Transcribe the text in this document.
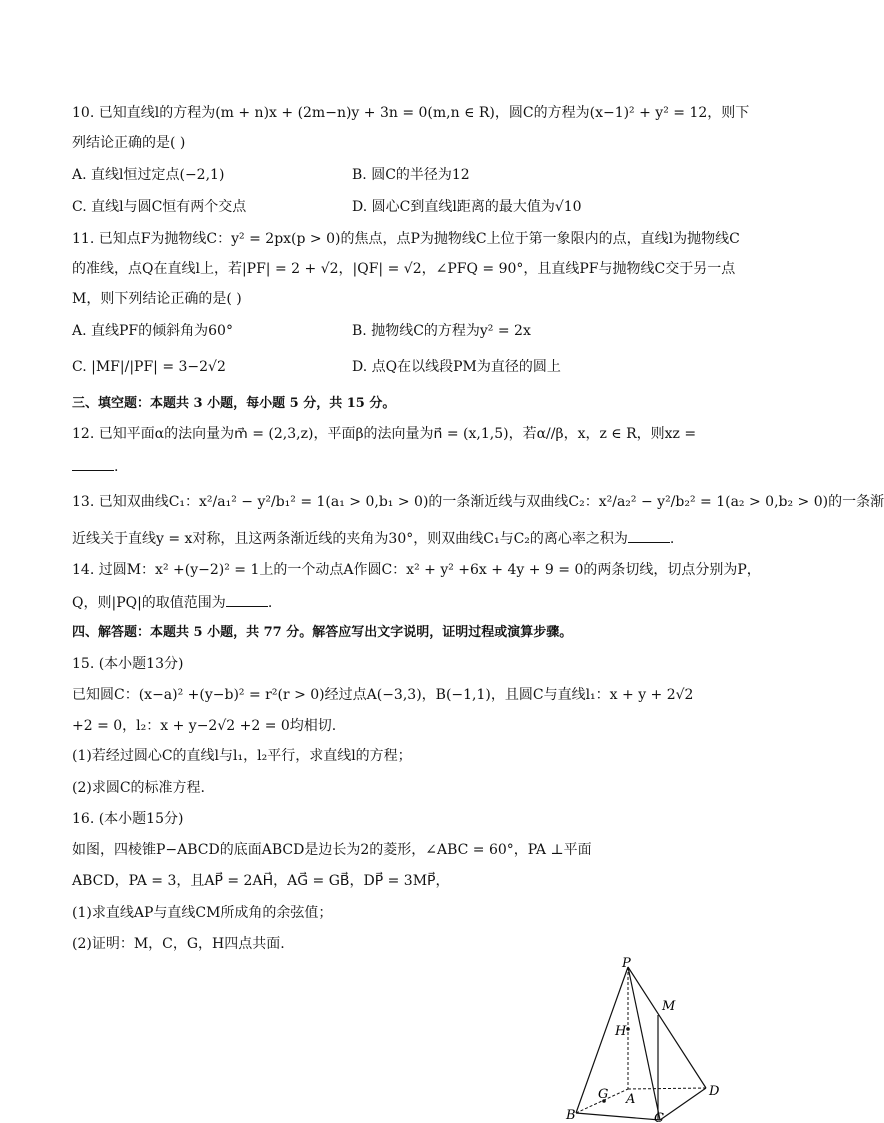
10. 已知直线l的方程为(m + n)x + (2m−n)y + 3n = 0(m,n ∈ R)，圆C的方程为(x−1)² + y² = 12，则下
列结论正确的是( )
A. 直线l恒过定点(−2,1)	B. 圆C的半径为12
C. 直线l与圆C恒有两个交点	D. 圆心C到直线l距离的最大值为√10
11. 已知点F为抛物线C：y² = 2px(p > 0)的焦点，点P为抛物线C上位于第一象限内的点，直线l为抛物线C
的准线，点Q在直线l上，若|PF| = 2 + √2，|QF| = √2，∠PFQ = 90°，且直线PF与抛物线C交于另一点
M，则下列结论正确的是( )
A. 直线PF的倾斜角为60°	B. 抛物线C的方程为y² = 2x
C. |MF|/|PF| = 3−2√2	D. 点Q在以线段PM为直径的圆上
三、填空题：本题共 3 小题，每小题 5 分，共 15 分。
12. 已知平面α的法向量为m⃗ = (2,3,z)，平面β的法向量为n⃗ = (x,1,5)，若α//β，x，z ∈ R，则xz =
.
13. 已知双曲线C₁：x²/a₁² − y²/b₁² = 1(a₁ > 0,b₁ > 0)的一条渐近线与双曲线C₂：x²/a₂² − y²/b₂² = 1(a₂ > 0,b₂ > 0)的一条渐
近线关于直线y = x对称，且这两条渐近线的夹角为30°，则双曲线C₁与C₂的离心率之积为	.
14. 过圆M：x² +(y−2)² = 1上的一个动点A作圆C：x² + y² +6x + 4y + 9 = 0的两条切线，切点分别为P，
Q，则|PQ|的取值范围为	.
四、解答题：本题共 5 小题，共 77 分。解答应写出文字说明，证明过程或演算步骤。
15. (本小题13分)
已知圆C：(x−a)² +(y−b)² = r²(r > 0)经过点A(−3,3)，B(−1,1)，且圆C与直线l₁：x + y + 2√2
+2 = 0，l₂：x + y−2√2 +2 = 0均相切.
(1)若经过圆心C的直线l与l₁，l₂平行，求直线l的方程；
(2)求圆C的标准方程.
16. (本小题15分)
如图，四棱锥P−ABCD的底面ABCD是边长为2的菱形，∠ABC = 60°，PA ⊥平面
ABCD，PA = 3，且AP⃗ = 2AH⃗，AG⃗ = GB⃗，DP⃗ = 3MP⃗，
(1)求直线AP与直线CM所成角的余弦值；
(2)证明：M，C，G，H四点共面.
P
M
H
G A
B	C
D
